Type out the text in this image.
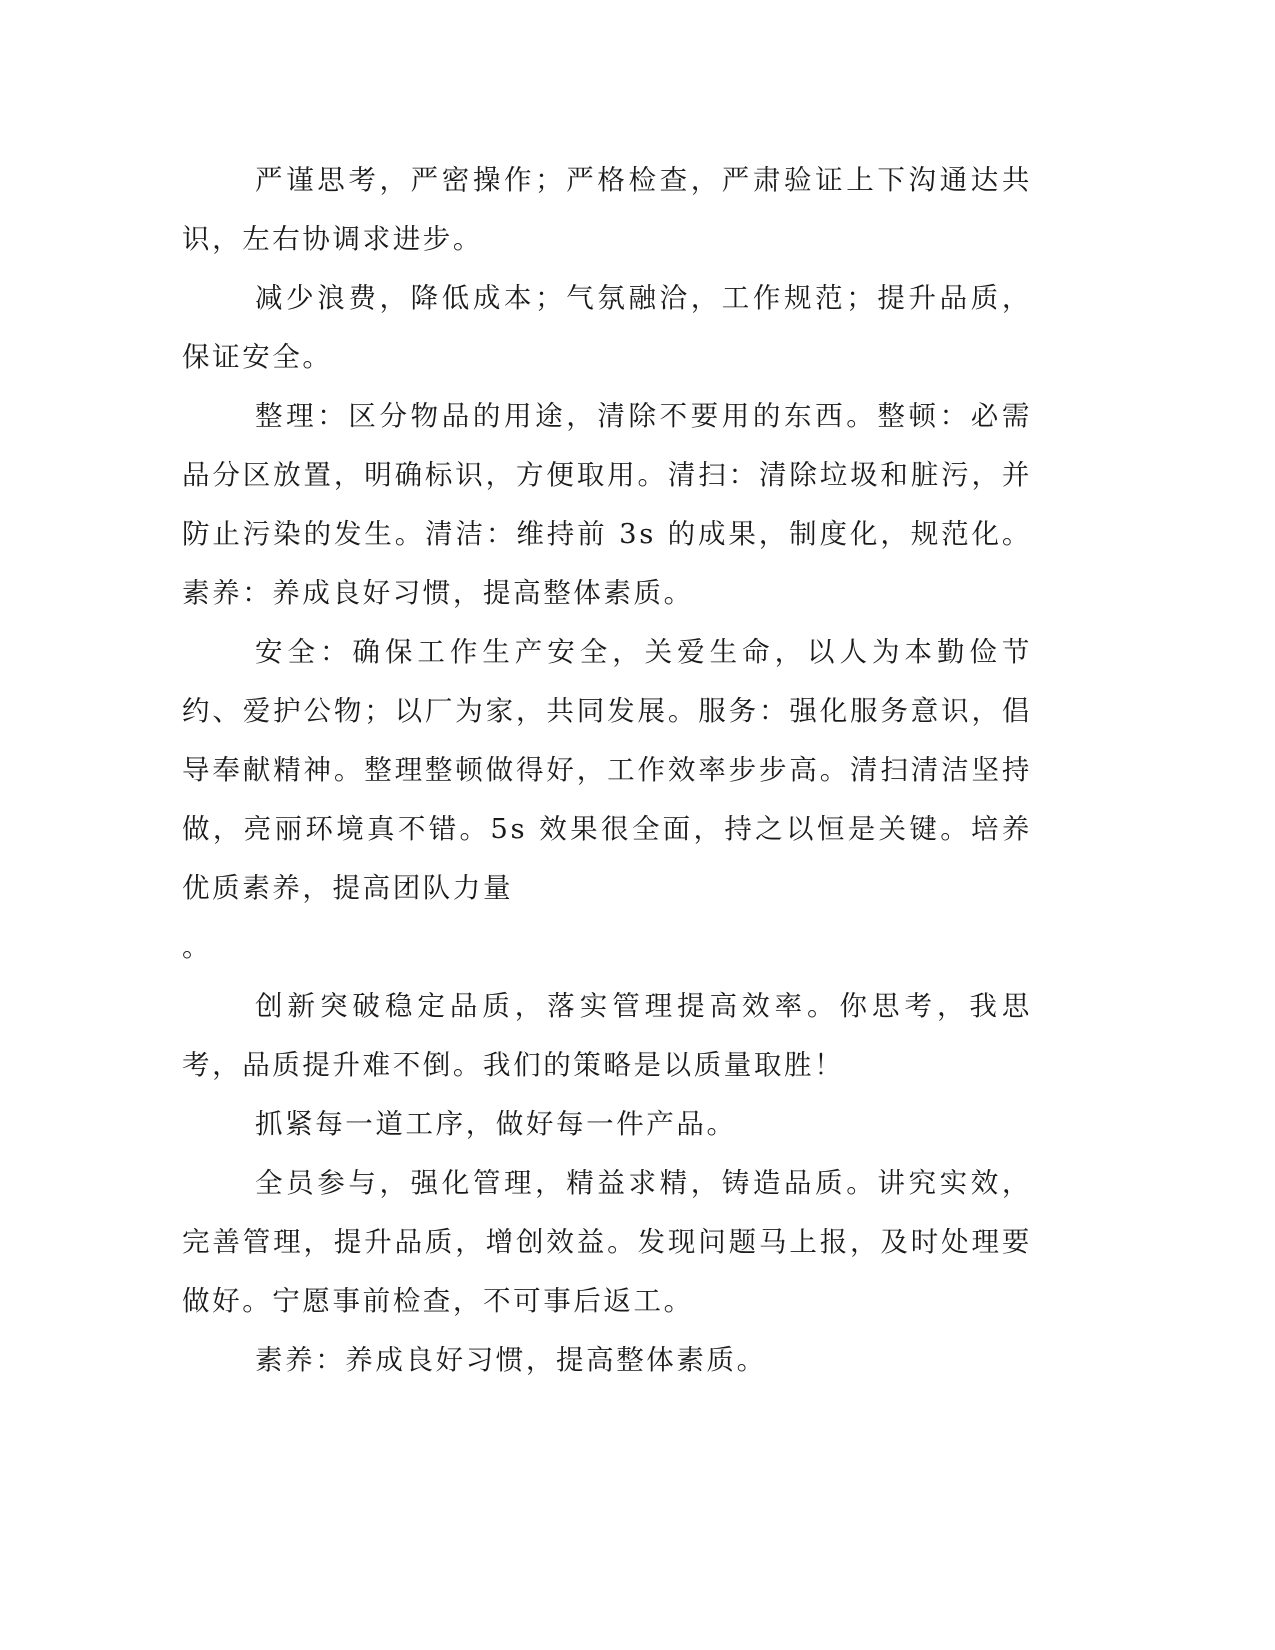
严谨思考，严密操作；严格检查，严肃验证上下沟通达共识，左右协调求进步。

减少浪费，降低成本；气氛融洽，工作规范；提升品质，保证安全。

整理：区分物品的用途，清除不要用的东西。整顿：必需品分区放置，明确标识，方便取用。清扫：清除垃圾和脏污，并防止污染的发生。清洁：维持前 3s 的成果，制度化，规范化。素养：养成良好习惯，提高整体素质。

安全：确保工作生产安全，关爱生命，以人为本勤俭节约、爱护公物；以厂为家，共同发展。服务：强化服务意识，倡导奉献精神。整理整顿做得好，工作效率步步高。清扫清洁坚持做，亮丽环境真不错。5s 效果很全面，持之以恒是关键。培养优质素养，提高团队力量

。

创新突破稳定品质，落实管理提高效率。你思考，我思考，品质提升难不倒。我们的策略是以质量取胜！

抓紧每一道工序，做好每一件产品。

全员参与，强化管理，精益求精，铸造品质。讲究实效，完善管理，提升品质，增创效益。发现问题马上报，及时处理要做好。宁愿事前检查，不可事后返工。

素养：养成良好习惯，提高整体素质。
